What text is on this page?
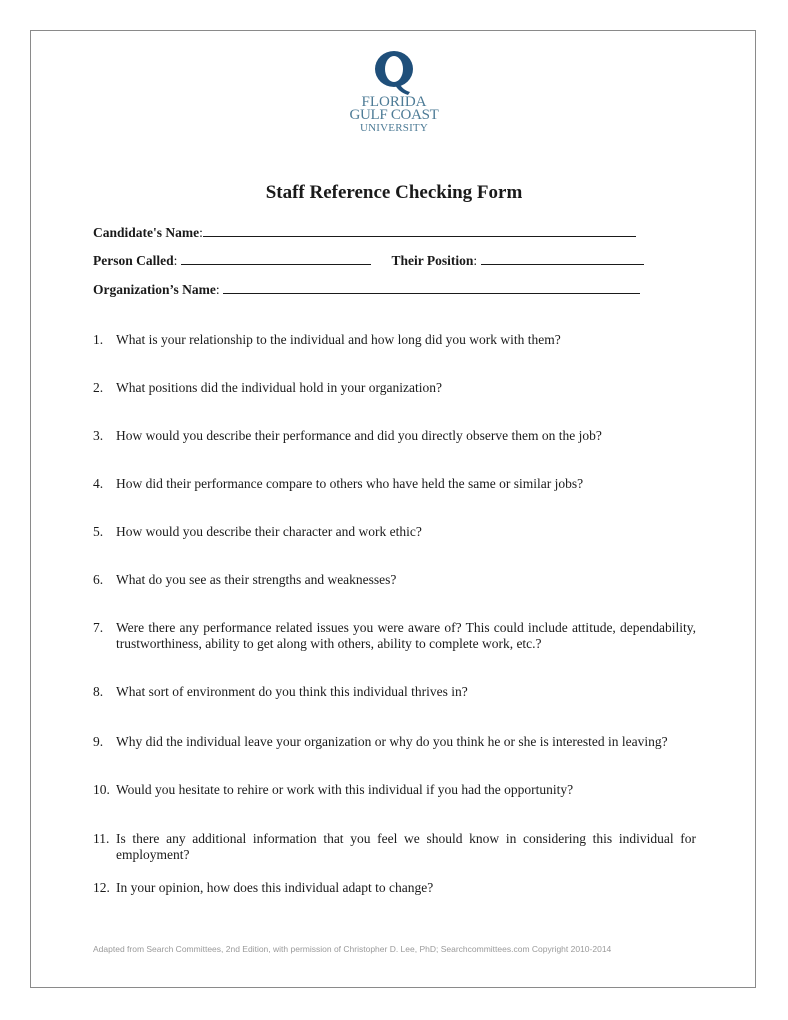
FLORIDA
GULF COAST
UNIVERSITY
Staff Reference Checking Form
Candidate's Name:
Person Called:	Their Position:
Organization’s Name:
1. What is your relationship to the individual and how long did you work with them?
2. What positions did the individual hold in your organization?
3. How would you describe their performance and did you directly observe them on the job?
4. How did their performance compare to others who have held the same or similar jobs?
5. How would you describe their character and work ethic?
6. What do you see as their strengths and weaknesses?
7. Were there any performance related issues you were aware of? This could include attitude, dependability, trustworthiness, ability to get along with others, ability to complete work, etc.?
8. What sort of environment do you think this individual thrives in?
9. Why did the individual leave your organization or why do you think he or she is interested in leaving?
10. Would you hesitate to rehire or work with this individual if you had the opportunity?
11. Is there any additional information that you feel we should know in considering this individual for employment?
12. In your opinion, how does this individual adapt to change?
Adapted from Search Committees, 2nd Edition, with permission of Christopher D. Lee, PhD; Searchcommittees.com Copyright 2010-2014
